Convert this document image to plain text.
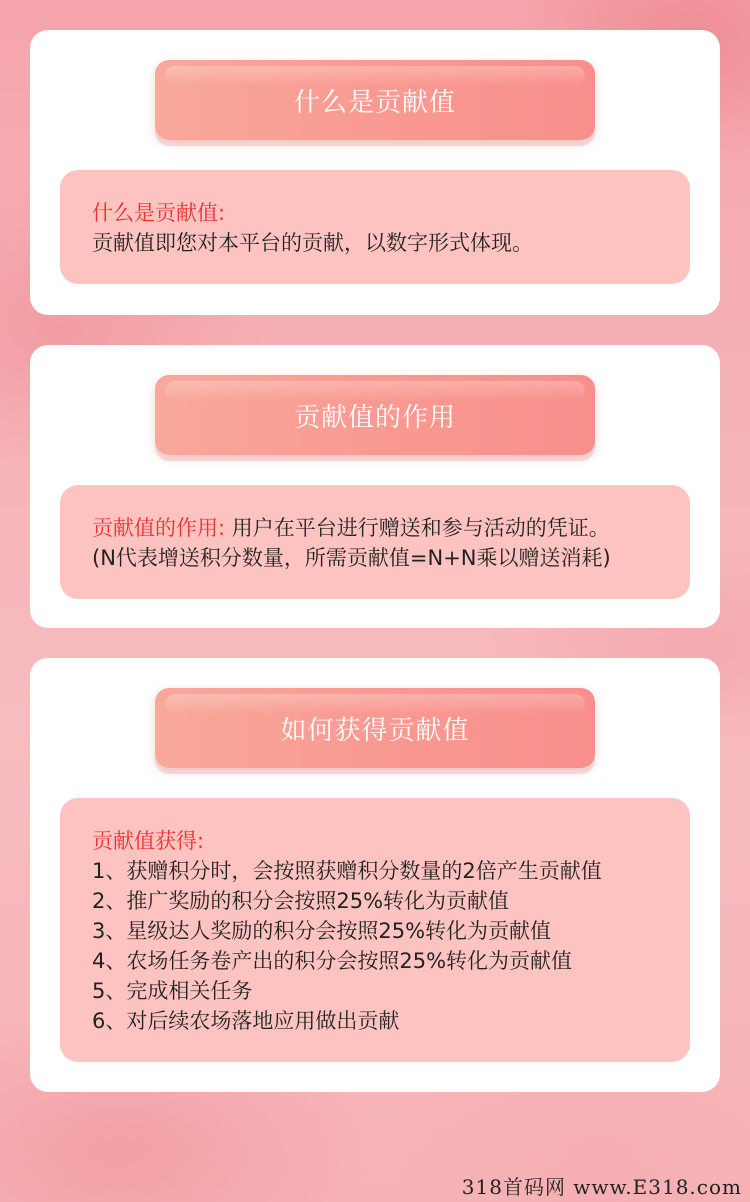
什么是贡献值
什么是贡献值:
贡献值即您对本平台的贡献，以数字形式体现。
贡献值的作用
贡献值的作用: 用户在平台进行赠送和参与活动的凭证。
(N代表增送积分数量，所需贡献值=N+N乘以赠送消耗)
如何获得贡献值
贡献值获得:
1、获赠积分时，会按照获赠积分数量的2倍产生贡献值
2、推广奖励的积分会按照25%转化为贡献值
3、星级达人奖励的积分会按照25%转化为贡献值
4、农场任务卷产出的积分会按照25%转化为贡献值
5、完成相关任务
6、对后续农场落地应用做出贡献
318首码网 www.E318.com
